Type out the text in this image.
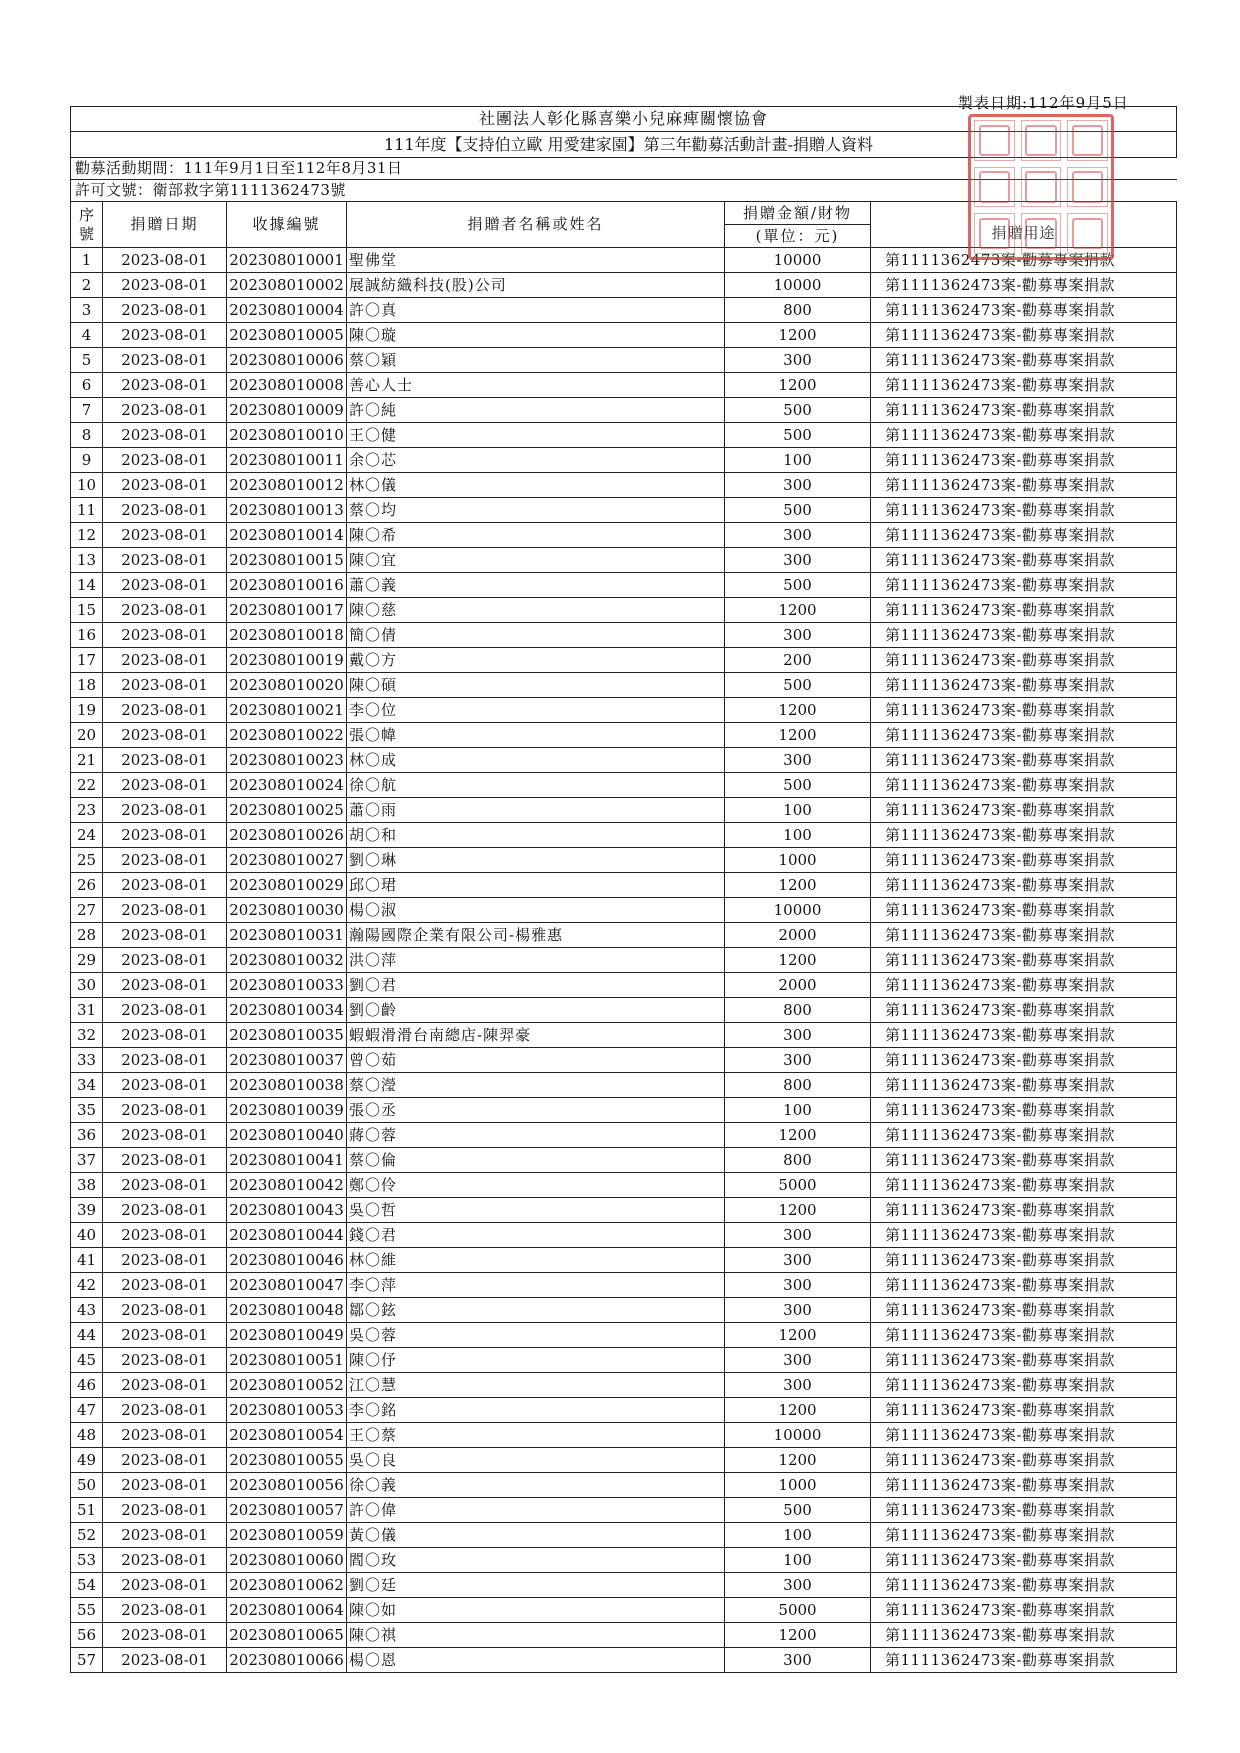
製表日期:112年9月5日
社團法人彰化縣喜樂小兒麻痺關懷協會					
111年度【支持伯立歐 用愛建家園】第三年勸募活動計畫-捐贈人資料					
勸募活動期間：111年9月1日至112年8月31日					
許可文號：衛部救字第1111362473號					

序
號	捐贈日期	收據編號	捐贈者名稱或姓名	捐贈金額/財物	捐贈用途
				(單位：元)	
1	2023-08-01	202308010001	聖佛堂	10000	第1111362473案-勸募專案捐款
2	2023-08-01	202308010002	展誠紡織科技(股)公司	10000	第1111362473案-勸募專案捐款
3	2023-08-01	202308010004	許〇真	800	第1111362473案-勸募專案捐款
4	2023-08-01	202308010005	陳〇璇	1200	第1111362473案-勸募專案捐款
5	2023-08-01	202308010006	蔡〇穎	300	第1111362473案-勸募專案捐款
6	2023-08-01	202308010008	善心人士	1200	第1111362473案-勸募專案捐款
7	2023-08-01	202308010009	許〇純	500	第1111362473案-勸募專案捐款
8	2023-08-01	202308010010	王〇健	500	第1111362473案-勸募專案捐款
9	2023-08-01	202308010011	余〇芯	100	第1111362473案-勸募專案捐款
10	2023-08-01	202308010012	林〇儀	300	第1111362473案-勸募專案捐款
11	2023-08-01	202308010013	蔡〇均	500	第1111362473案-勸募專案捐款
12	2023-08-01	202308010014	陳〇希	300	第1111362473案-勸募專案捐款
13	2023-08-01	202308010015	陳〇宜	300	第1111362473案-勸募專案捐款
14	2023-08-01	202308010016	蕭〇義	500	第1111362473案-勸募專案捐款
15	2023-08-01	202308010017	陳〇慈	1200	第1111362473案-勸募專案捐款
16	2023-08-01	202308010018	簡〇倩	300	第1111362473案-勸募專案捐款
17	2023-08-01	202308010019	戴〇方	200	第1111362473案-勸募專案捐款
18	2023-08-01	202308010020	陳〇碩	500	第1111362473案-勸募專案捐款
19	2023-08-01	202308010021	李〇位	1200	第1111362473案-勸募專案捐款
20	2023-08-01	202308010022	張〇幃	1200	第1111362473案-勸募專案捐款
21	2023-08-01	202308010023	林〇成	300	第1111362473案-勸募專案捐款
22	2023-08-01	202308010024	徐〇航	500	第1111362473案-勸募專案捐款
23	2023-08-01	202308010025	蕭〇雨	100	第1111362473案-勸募專案捐款
24	2023-08-01	202308010026	胡〇和	100	第1111362473案-勸募專案捐款
25	2023-08-01	202308010027	劉〇琳	1000	第1111362473案-勸募專案捐款
26	2023-08-01	202308010029	邱〇珺	1200	第1111362473案-勸募專案捐款
27	2023-08-01	202308010030	楊〇淑	10000	第1111362473案-勸募專案捐款
28	2023-08-01	202308010031	瀚陽國際企業有限公司-楊雅惠	2000	第1111362473案-勸募專案捐款
29	2023-08-01	202308010032	洪〇萍	1200	第1111362473案-勸募專案捐款
30	2023-08-01	202308010033	劉〇君	2000	第1111362473案-勸募專案捐款
31	2023-08-01	202308010034	劉〇齡	800	第1111362473案-勸募專案捐款
32	2023-08-01	202308010035	蝦蝦滑滑台南總店-陳羿豪	300	第1111362473案-勸募專案捐款
33	2023-08-01	202308010037	曾〇茹	300	第1111362473案-勸募專案捐款
34	2023-08-01	202308010038	蔡〇瀅	800	第1111362473案-勸募專案捐款
35	2023-08-01	202308010039	張〇丞	100	第1111362473案-勸募專案捐款
36	2023-08-01	202308010040	蔣〇蓉	1200	第1111362473案-勸募專案捐款
37	2023-08-01	202308010041	蔡〇倫	800	第1111362473案-勸募專案捐款
38	2023-08-01	202308010042	鄭〇伶	5000	第1111362473案-勸募專案捐款
39	2023-08-01	202308010043	吳〇哲	1200	第1111362473案-勸募專案捐款
40	2023-08-01	202308010044	錢〇君	300	第1111362473案-勸募專案捐款
41	2023-08-01	202308010046	林〇維	300	第1111362473案-勸募專案捐款
42	2023-08-01	202308010047	李〇萍	300	第1111362473案-勸募專案捐款
43	2023-08-01	202308010048	鄒〇鉉	300	第1111362473案-勸募專案捐款
44	2023-08-01	202308010049	吳〇蓉	1200	第1111362473案-勸募專案捐款
45	2023-08-01	202308010051	陳〇伃	300	第1111362473案-勸募專案捐款
46	2023-08-01	202308010052	江〇慧	300	第1111362473案-勸募專案捐款
47	2023-08-01	202308010053	李〇銘	1200	第1111362473案-勸募專案捐款
48	2023-08-01	202308010054	王〇蔡	10000	第1111362473案-勸募專案捐款
49	2023-08-01	202308010055	吳〇良	1200	第1111362473案-勸募專案捐款
50	2023-08-01	202308010056	徐〇義	1000	第1111362473案-勸募專案捐款
51	2023-08-01	202308010057	許〇偉	500	第1111362473案-勸募專案捐款
52	2023-08-01	202308010059	黃〇儀	100	第1111362473案-勸募專案捐款
53	2023-08-01	202308010060	閻〇玫	100	第1111362473案-勸募專案捐款
54	2023-08-01	202308010062	劉〇廷	300	第1111362473案-勸募專案捐款
55	2023-08-01	202308010064	陳〇如	5000	第1111362473案-勸募專案捐款
56	2023-08-01	202308010065	陳〇祺	1200	第1111362473案-勸募專案捐款
57	2023-08-01	202308010066	楊〇恩	300	第1111362473案-勸募專案捐款
